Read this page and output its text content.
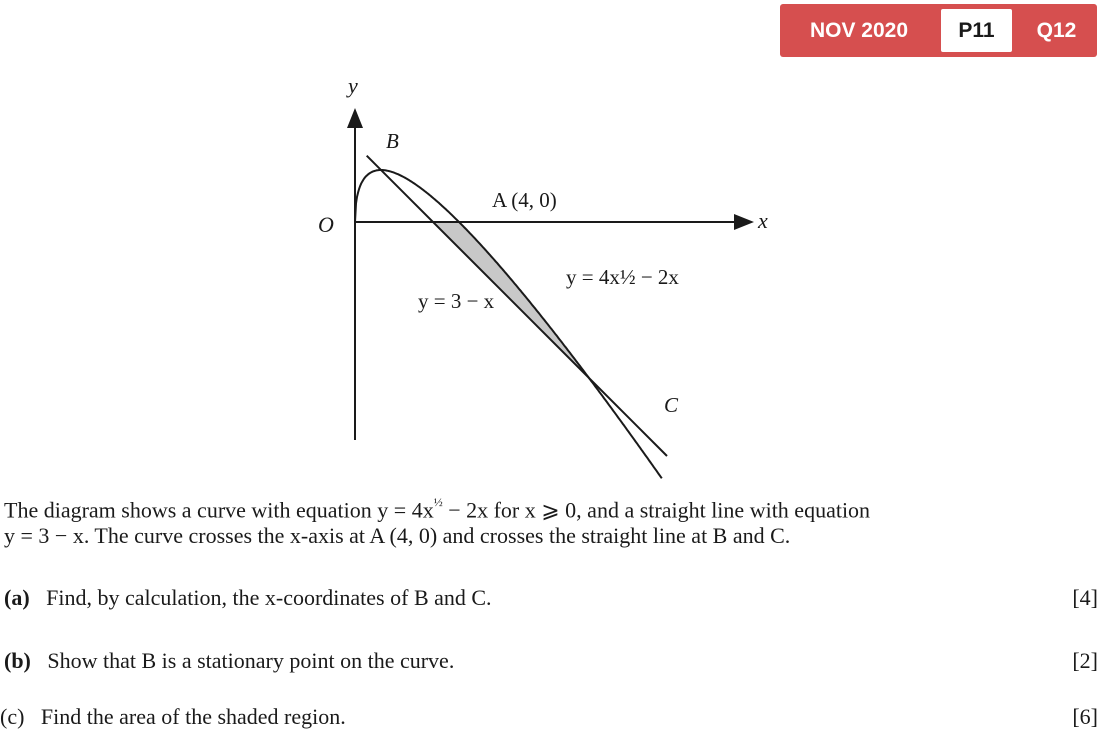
NOV 2020	P11	Q12
y
x
O
B
A (4, 0)
C
y = 4x½ − 2x
y = 3 − x
The diagram shows a curve with equation $y = 4x^{\frac{1}{2}} - 2x$ for x ⩾ 0, and a straight line with equation
y = 3 − x. The curve crosses the x-axis at A (4, 0) and crosses the straight line at B and C.
(a) Find, by calculation, the x-coordinates of B and C.	[4]
(b) Show that B is a stationary point on the curve.	[2]
(c) Find the area of the shaded region.	[6]
